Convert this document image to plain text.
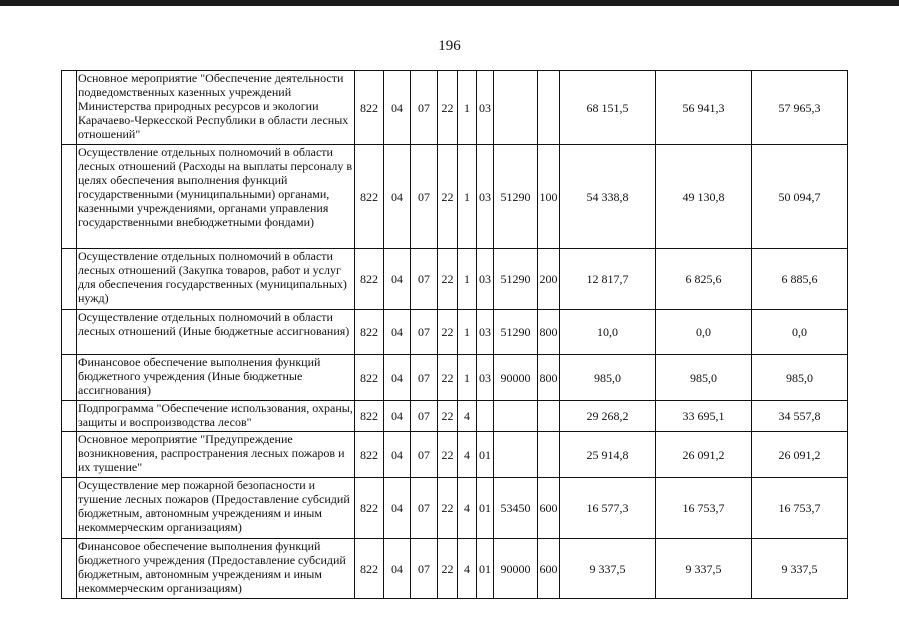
196
	Основное мероприятие "Обеспечение деятельности подведомственных казенных учреждений Министерства природных ресурсов и экологии Карачаево-Черкесской Республики в области лесных отношений"	822	04	07	22	1	03			68 151,5	56 941,3	57 965,3
	Осуществление отдельных полномочий в области лесных отношений (Расходы на выплаты персоналу в целях обеспечения выполнения функций государственными (муниципальными) органами, казенными учреждениями, органами управления государственными внебюджетными фондами)	822	04	07	22	1	03	51290	100	54 338,8	49 130,8	50 094,7
	Осуществление отдельных полномочий в области лесных отношений (Закупка товаров, работ и услуг для обеспечения государственных (муниципальных) нужд)	822	04	07	22	1	03	51290	200	12 817,7	6 825,6	6 885,6
	Осуществление отдельных полномочий в области лесных отношений (Иные бюджетные ассигнования)	822	04	07	22	1	03	51290	800	10,0	0,0	0,0
	Финансовое обеспечение выполнения функций бюджетного учреждения (Иные бюджетные ассигнования)	822	04	07	22	1	03	90000	800	985,0	985,0	985,0
	Подпрограмма "Обеспечение использования, охраны, защиты и воспроизводства лесов"	822	04	07	22	4				29 268,2	33 695,1	34 557,8
	Основное мероприятие "Предупреждение возникновения, распространения лесных пожаров и их тушение"	822	04	07	22	4	01			25 914,8	26 091,2	26 091,2
	Осуществление мер пожарной безопасности и тушение лесных пожаров (Предоставление субсидий бюджетным, автономным учреждениям и иным некоммерческим организациям)	822	04	07	22	4	01	53450	600	16 577,3	16 753,7	16 753,7
	Финансовое обеспечение выполнения функций бюджетного учреждения (Предоставление субсидий бюджетным, автономным учреждениям и иным некоммерческим организациям)	822	04	07	22	4	01	90000	600	9 337,5	9 337,5	9 337,5
